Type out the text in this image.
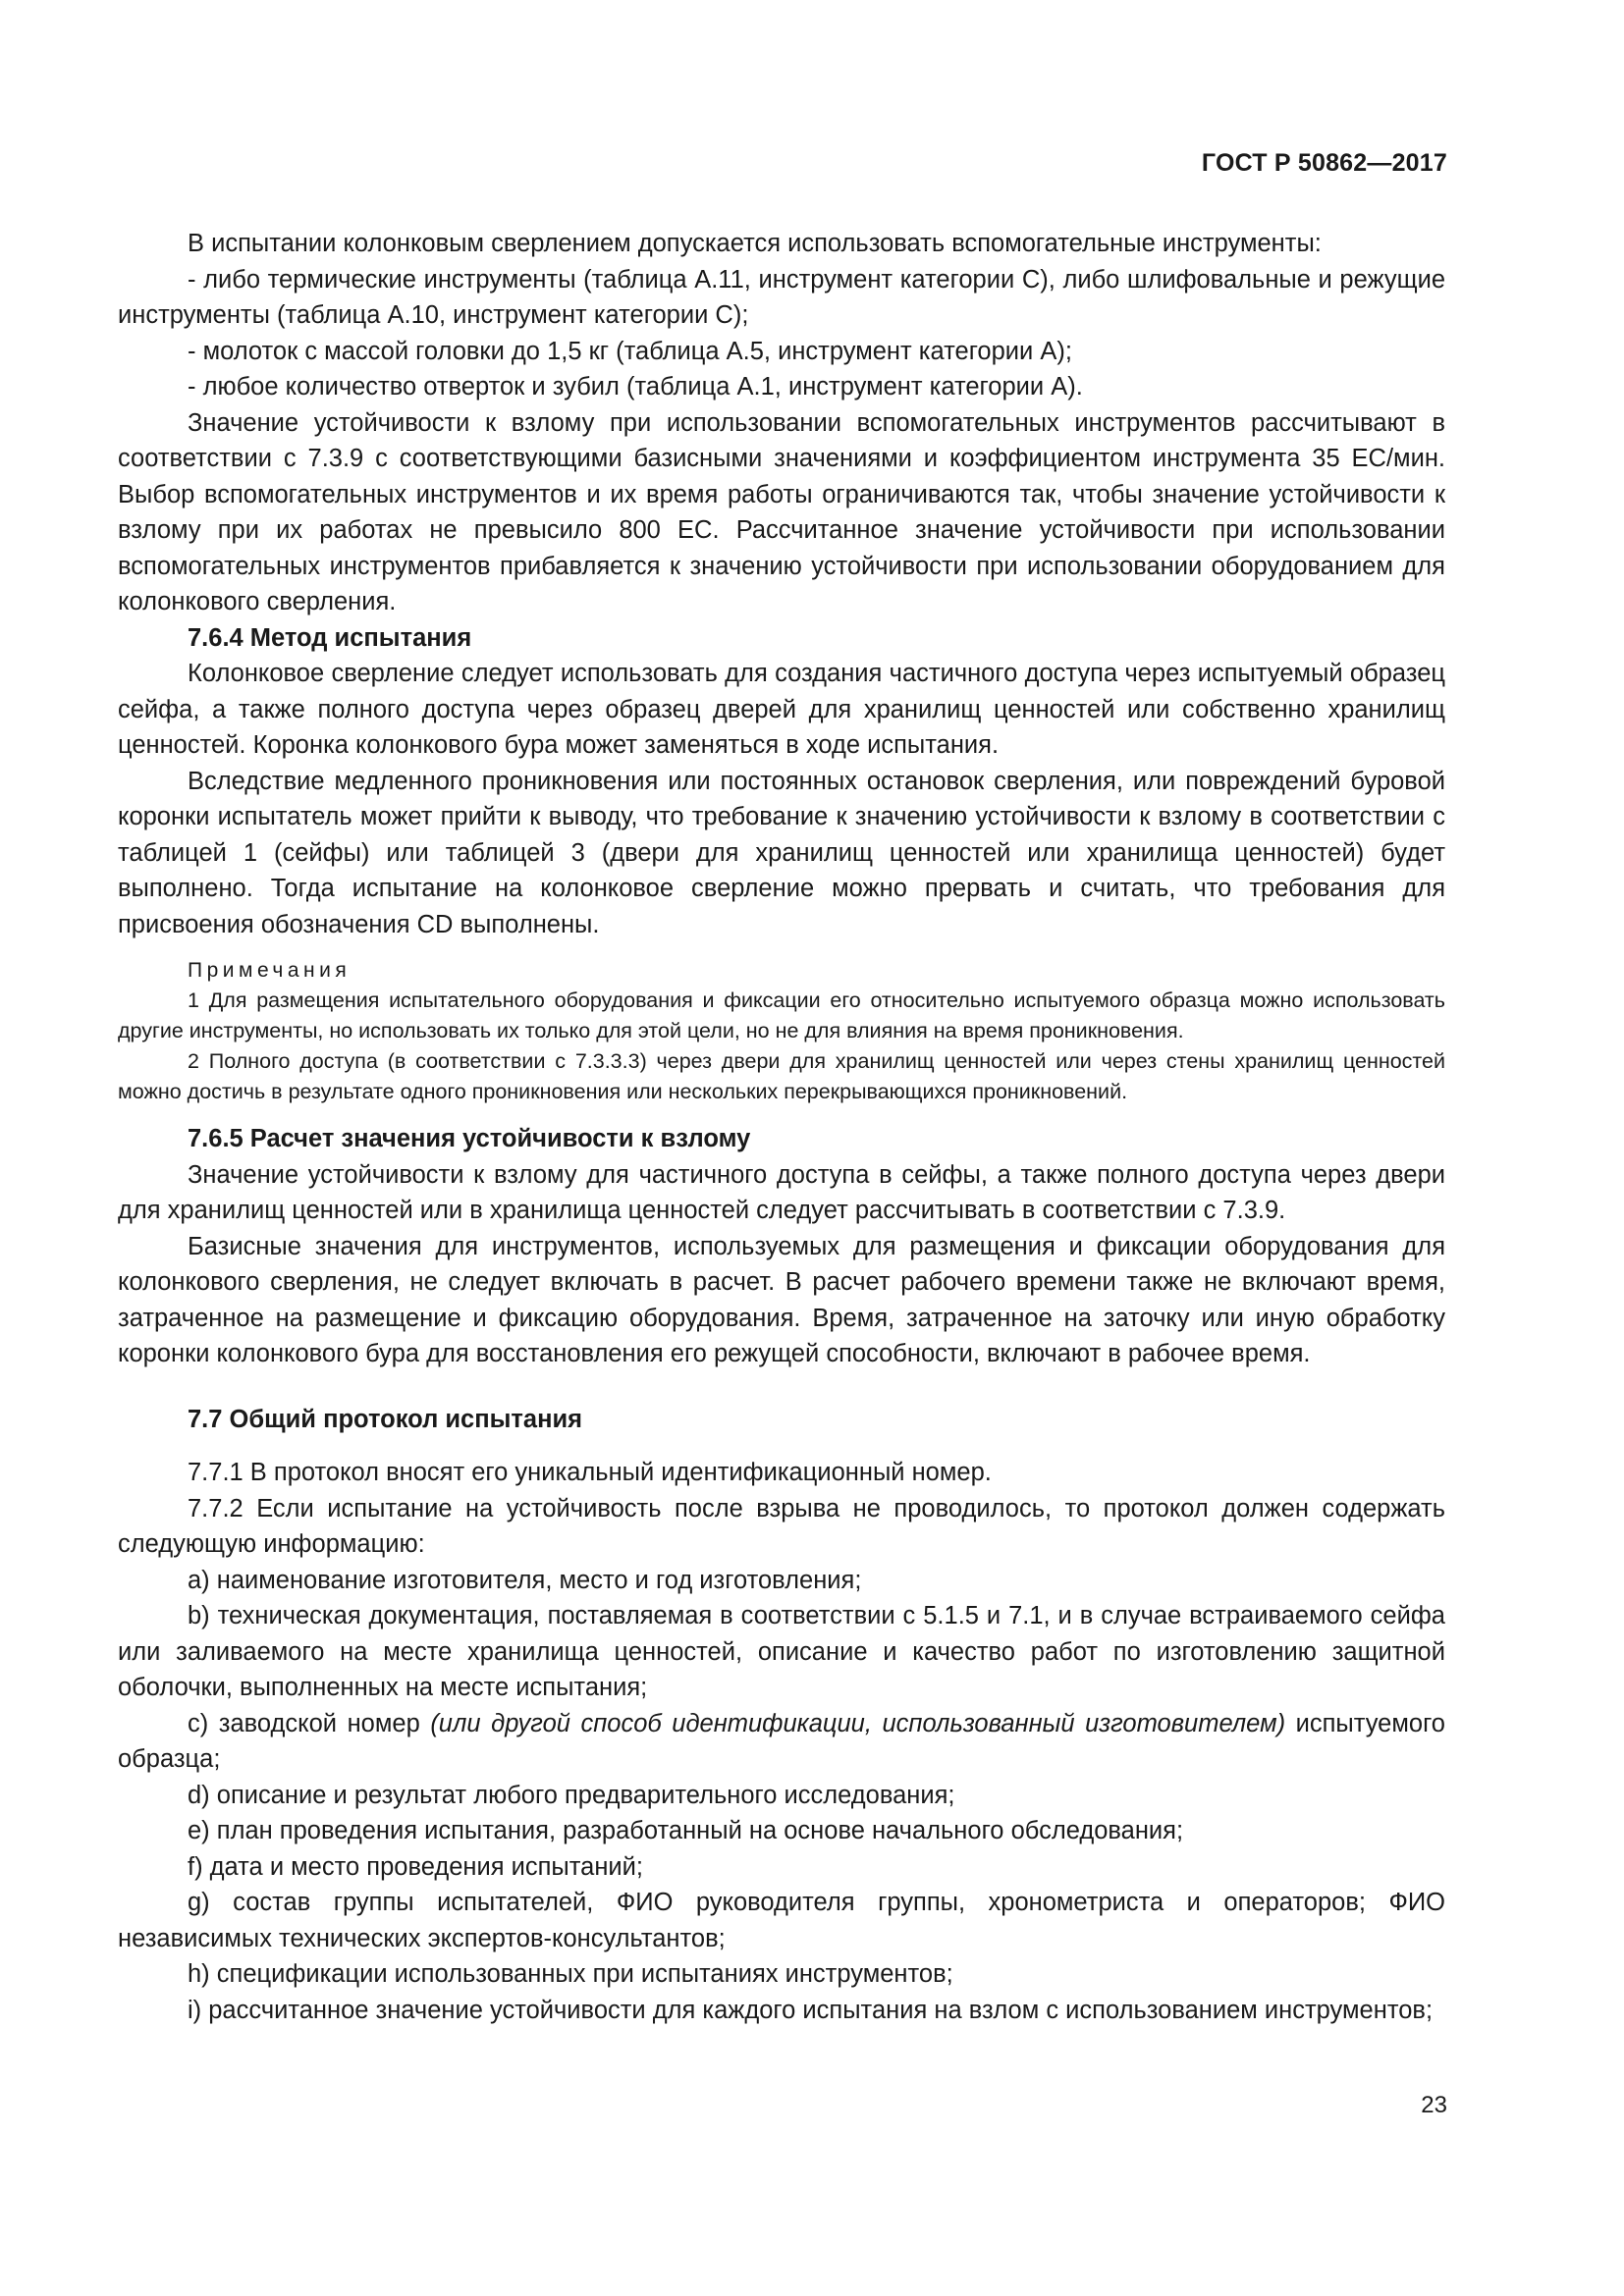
ГОСТ Р 50862—2017

В испытании колонковым сверлением допускается использовать вспомогательные инструменты:

- либо термические инструменты (таблица А.11, инструмент категории С), либо шлифовальные и режущие инструменты (таблица А.10, инструмент категории С);

- молоток с массой головки до 1,5 кг (таблица А.5, инструмент категории А);

- любое количество отверток и зубил (таблица А.1, инструмент категории А).

Значение устойчивости к взлому при использовании вспомогательных инструментов рассчитывают в соответствии с 7.3.9 с соответствующими базисными значениями и коэффициентом инструмента 35 ЕС/мин. Выбор вспомогательных инструментов и их время работы ограничиваются так, чтобы значение устойчивости к взлому при их работах не превысило 800 ЕС. Рассчитанное значение устойчивости при использовании вспомогательных инструментов прибавляется к значению устойчивости при использовании оборудованием для колонкового сверления.

7.6.4 Метод испытания

Колонковое сверление следует использовать для создания частичного доступа через испытуемый образец сейфа, а также полного доступа через образец дверей для хранилищ ценностей или собственно хранилищ ценностей. Коронка колонкового бура может заменяться в ходе испытания.

Вследствие медленного проникновения или постоянных остановок сверления, или повреждений буровой коронки испытатель может прийти к выводу, что требование к значению устойчивости к взлому в соответствии с таблицей 1 (сейфы) или таблицей 3 (двери для хранилищ ценностей или хранилища ценностей) будет выполнено. Тогда испытание на колонковое сверление можно прервать и считать, что требования для присвоения обозначения CD выполнены.

Примечания

1 Для размещения испытательного оборудования и фиксации его относительно испытуемого образца можно использовать другие инструменты, но использовать их только для этой цели, но не для влияния на время проникновения.

2 Полного доступа (в соответствии с 7.3.3.3) через двери для хранилищ ценностей или через стены хранилищ ценностей можно достичь в результате одного проникновения или нескольких перекрывающихся проникновений.

7.6.5 Расчет значения устойчивости к взлому

Значение устойчивости к взлому для частичного доступа в сейфы, а также полного доступа через двери для хранилищ ценностей или в хранилища ценностей следует рассчитывать в соответствии с 7.3.9.

Базисные значения для инструментов, используемых для размещения и фиксации оборудования для колонкового сверления, не следует включать в расчет. В расчет рабочего времени также не включают время, затраченное на размещение и фиксацию оборудования. Время, затраченное на заточку или иную обработку коронки колонкового бура для восстановления его режущей способности, включают в рабочее время.

7.7 Общий протокол испытания

7.7.1 В протокол вносят его уникальный идентификационный номер.

7.7.2 Если испытание на устойчивость после взрыва не проводилось, то протокол должен содержать следующую информацию:

a) наименование изготовителя, место и год изготовления;

b) техническая документация, поставляемая в соответствии с 5.1.5 и 7.1, и в случае встраиваемого сейфа или заливаемого на месте хранилища ценностей, описание и качество работ по изготовлению защитной оболочки, выполненных на месте испытания;

c) заводской номер (или другой способ идентификации, использованный изготовителем) испытуемого образца;

d) описание и результат любого предварительного исследования;

e) план проведения испытания, разработанный на основе начального обследования;

f) дата и место проведения испытаний;

g) состав группы испытателей, ФИО руководителя группы, хронометриста и операторов; ФИО независимых технических экспертов-консультантов;

h) спецификации использованных при испытаниях инструментов;

i) рассчитанное значение устойчивости для каждого испытания на взлом с использованием инструментов;

23
